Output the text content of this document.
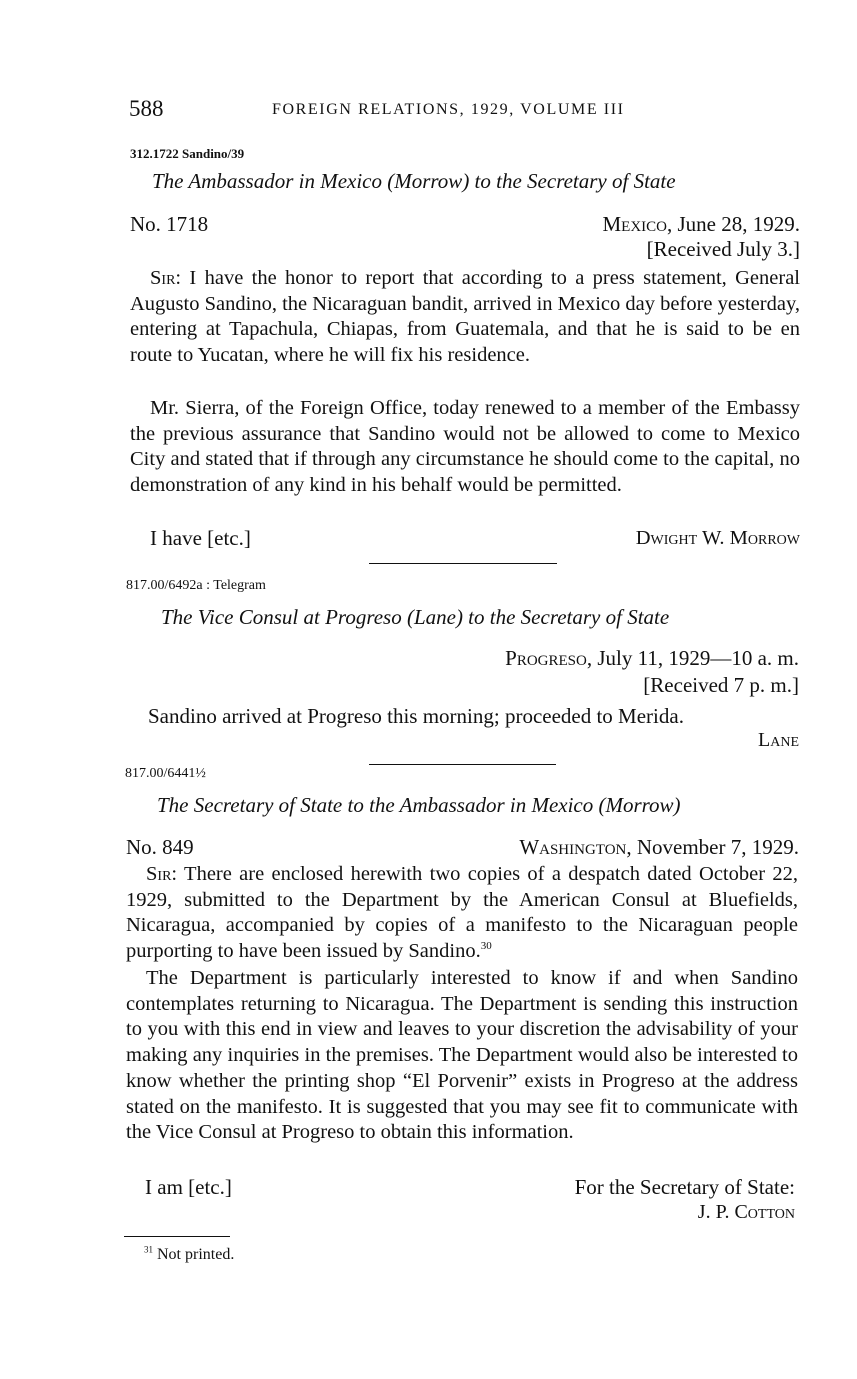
588	FOREIGN RELATIONS, 1929, VOLUME III
312.1722 Sandino/39
The Ambassador in Mexico (Morrow) to the Secretary of State
No. 1718	Mexico, June 28, 1929.
[Received July 3.]
Sir: I have the honor to report that according to a press statement, General Augusto Sandino, the Nicaraguan bandit, arrived in Mexico day before yesterday, entering at Tapachula, Chiapas, from Guatemala, and that he is said to be en route to Yucatan, where he will fix his residence.
Mr. Sierra, of the Foreign Office, today renewed to a member of the Embassy the previous assurance that Sandino would not be allowed to come to Mexico City and stated that if through any circumstance he should come to the capital, no demonstration of any kind in his behalf would be permitted.
I have [etc.]	Dwight W. Morrow
817.00/6492a : Telegram
The Vice Consul at Progreso (Lane) to the Secretary of State
Progreso, July 11, 1929—10 a. m.
[Received 7 p. m.]
Sandino arrived at Progreso this morning; proceeded to Merida.
Lane
817.00/6441½
The Secretary of State to the Ambassador in Mexico (Morrow)
No. 849	Washington, November 7, 1929.
Sir: There are enclosed herewith two copies of a despatch dated October 22, 1929, submitted to the Department by the American Consul at Bluefields, Nicaragua, accompanied by copies of a manifesto to the Nicaraguan people purporting to have been issued by Sandino.$^{30}$
The Department is particularly interested to know if and when Sandino contemplates returning to Nicaragua. The Department is sending this instruction to you with this end in view and leaves to your discretion the advisability of your making any inquiries in the premises. The Department would also be interested to know whether the printing shop “El Porvenir” exists in Progreso at the address stated on the manifesto. It is suggested that you may see fit to communicate with the Vice Consul at Progreso to obtain this information.
I am [etc.]	For the Secretary of State:
J. P. Cotton
$^{31}$ Not printed.
